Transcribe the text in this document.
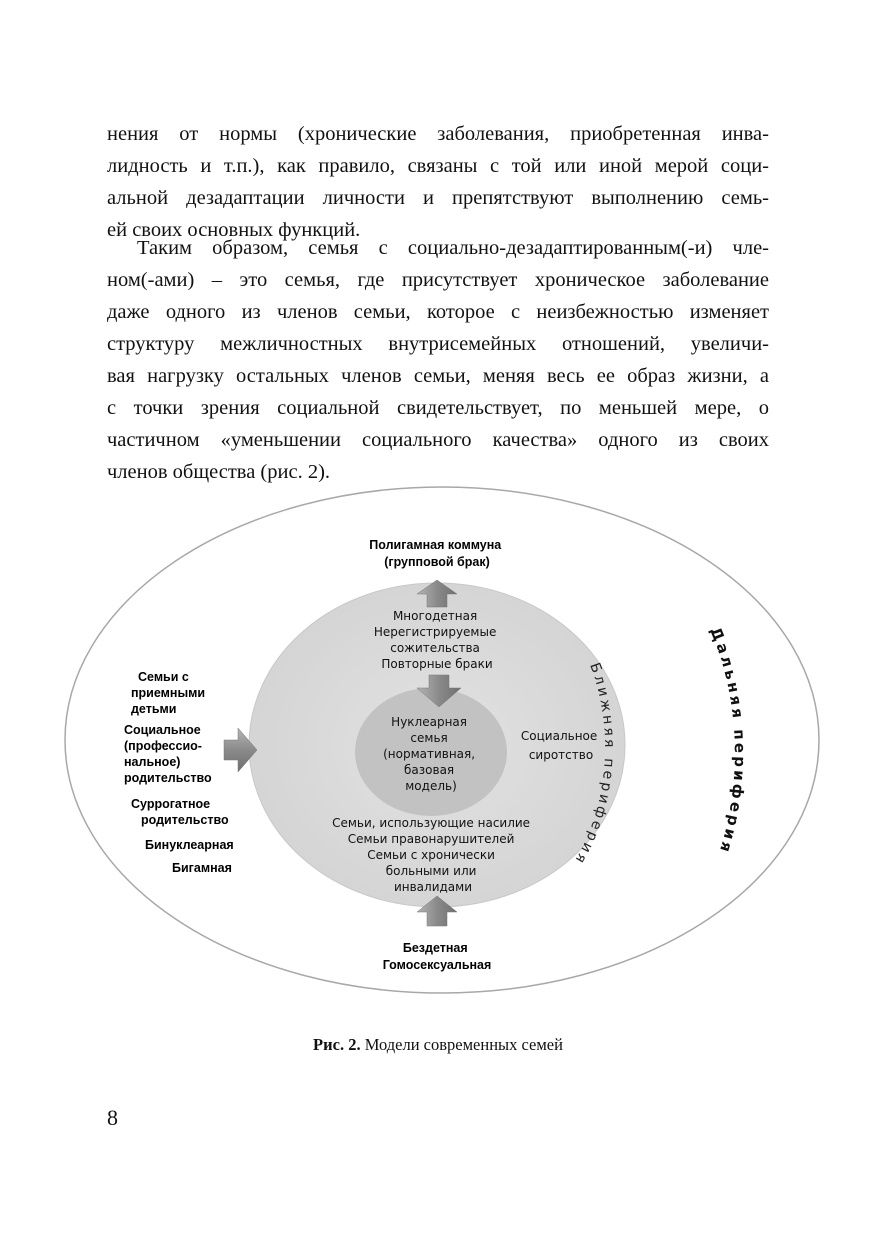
нения от нормы (хронические заболевания, приобретенная инва-
лидность и т.п.), как правило, связаны с той или иной мерой соци-
альной дезадаптации личности и препятствуют выполнению семь-
ей своих основных функций.

Таким образом, семья с социально-дезадаптированным(-и) чле-
ном(-ами) – это семья, где присутствует хроническое заболевание
даже одного из членов семьи, которое с неизбежностью изменяет
структуру межличностных внутрисемейных отношений, увеличи-
вая нагрузку остальных членов семьи, меняя весь ее образ жизни, а
с точки зрения социальной свидетельствует, по меньшей мере, о
частичном «уменьшении социального качества» одного из своих
членов общества (рис. 2).

Полигамная коммуна (групповой брак)
Многодетная Нерегистрируемые сожительства Повторные браки
Нуклеарная семья (нормативная, базовая модель)
Социальное сиротство
Семьи, использующие насилие Семьи правонарушителей Семьи с хронически больными или инвалидами
Бездетная Гомосексуальная
Семьи с приемными детьми Социальное (профессио- нальное) родительство Суррогатное родительство Бинуклеарная Бигамная
Ближняя периферия
Дальняя периферия
Рис. 2. Модели современных семей
8
